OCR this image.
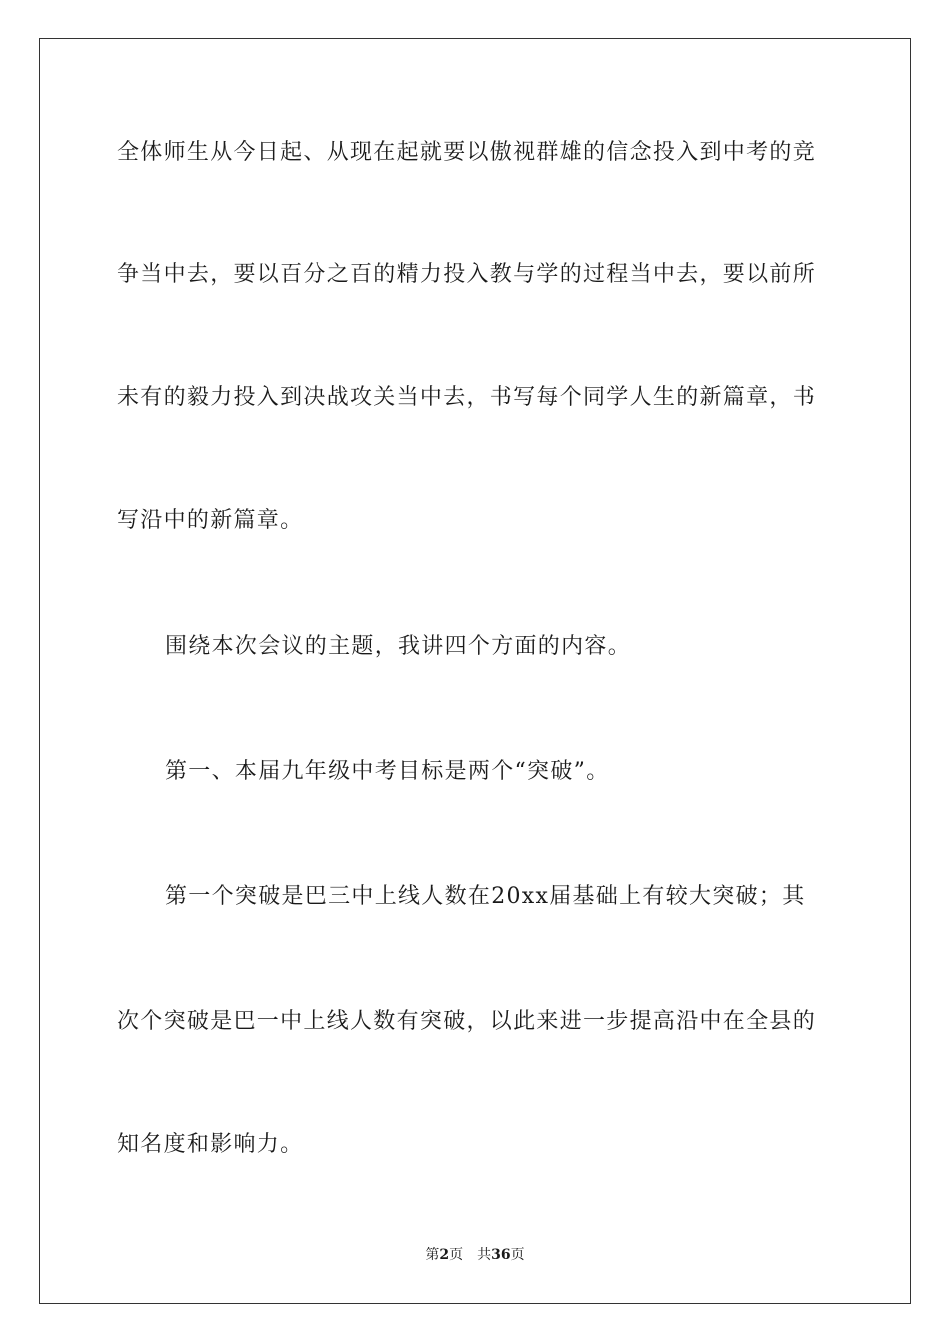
全体师生从今日起、从现在起就要以傲视群雄的信念投入到中考的竞
争当中去，要以百分之百的精力投入教与学的过程当中去，要以前所
未有的毅力投入到决战攻关当中去，书写每个同学人生的新篇章，书
写沿中的新篇章。
围绕本次会议的主题，我讲四个方面的内容。
第一、本届九年级中考目标是两个“突破”。
第一个突破是巴三中上线人数在20xx届基础上有较大突破；其
次个突破是巴一中上线人数有突破，以此来进一步提高沿中在全县的
知名度和影响力。
第2页 共36页
